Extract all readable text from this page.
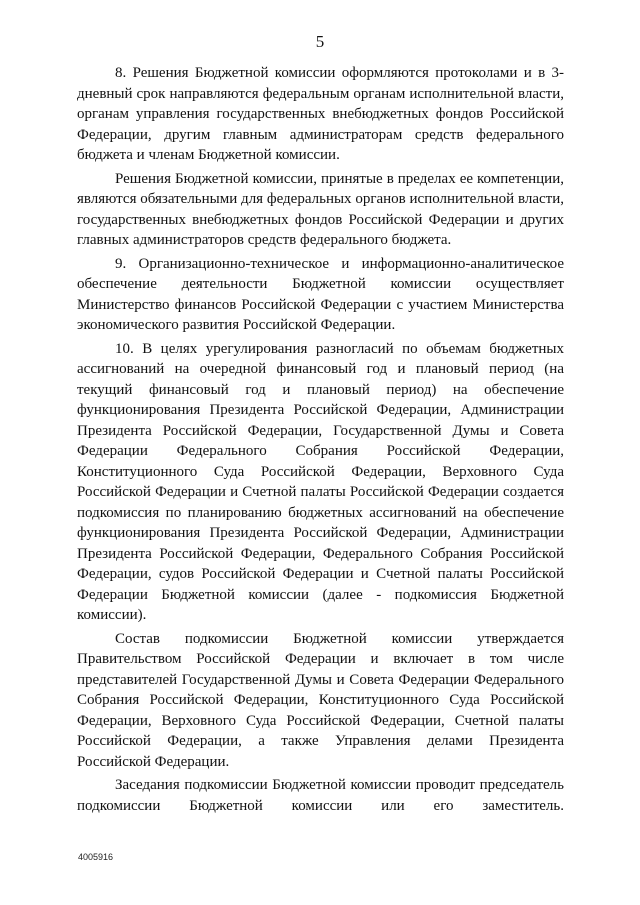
5

8. Решения Бюджетной комиссии оформляются протоколами и в 3-дневный срок направляются федеральным органам исполнительной власти, органам управления государственных внебюджетных фондов Российской Федерации, другим главным администраторам средств федерального бюджета и членам Бюджетной комиссии.

Решения Бюджетной комиссии, принятые в пределах ее компетенции, являются обязательными для федеральных органов исполнительной власти, государственных внебюджетных фондов Российской Федерации и других главных администраторов средств федерального бюджета.

9. Организационно-техническое и информационно-аналитическое обеспечение деятельности Бюджетной комиссии осуществляет Министерство финансов Российской Федерации с участием Министерства экономического развития Российской Федерации.

10. В целях урегулирования разногласий по объемам бюджетных ассигнований на очередной финансовый год и плановый период (на текущий финансовый год и плановый период) на обеспечение функционирования Президента Российской Федерации, Администрации Президента Российской Федерации, Государственной Думы и Совета Федерации Федерального Собрания Российской Федерации, Конституционного Суда Российской Федерации, Верховного Суда Российской Федерации и Счетной палаты Российской Федерации создается подкомиссия по планированию бюджетных ассигнований на обеспечение функционирования Президента Российской Федерации, Администрации Президента Российской Федерации, Федерального Собрания Российской Федерации, судов Российской Федерации и Счетной палаты Российской Федерации Бюджетной комиссии (далее - подкомиссия Бюджетной комиссии).

Состав подкомиссии Бюджетной комиссии утверждается Правительством Российской Федерации и включает в том числе представителей Государственной Думы и Совета Федерации Федерального Собрания Российской Федерации, Конституционного Суда Российской Федерации, Верховного Суда Российской Федерации, Счетной палаты Российской Федерации, а также Управления делами Президента Российской Федерации.

Заседания подкомиссии Бюджетной комиссии проводит председатель подкомиссии Бюджетной комиссии или его заместитель.

4005916
